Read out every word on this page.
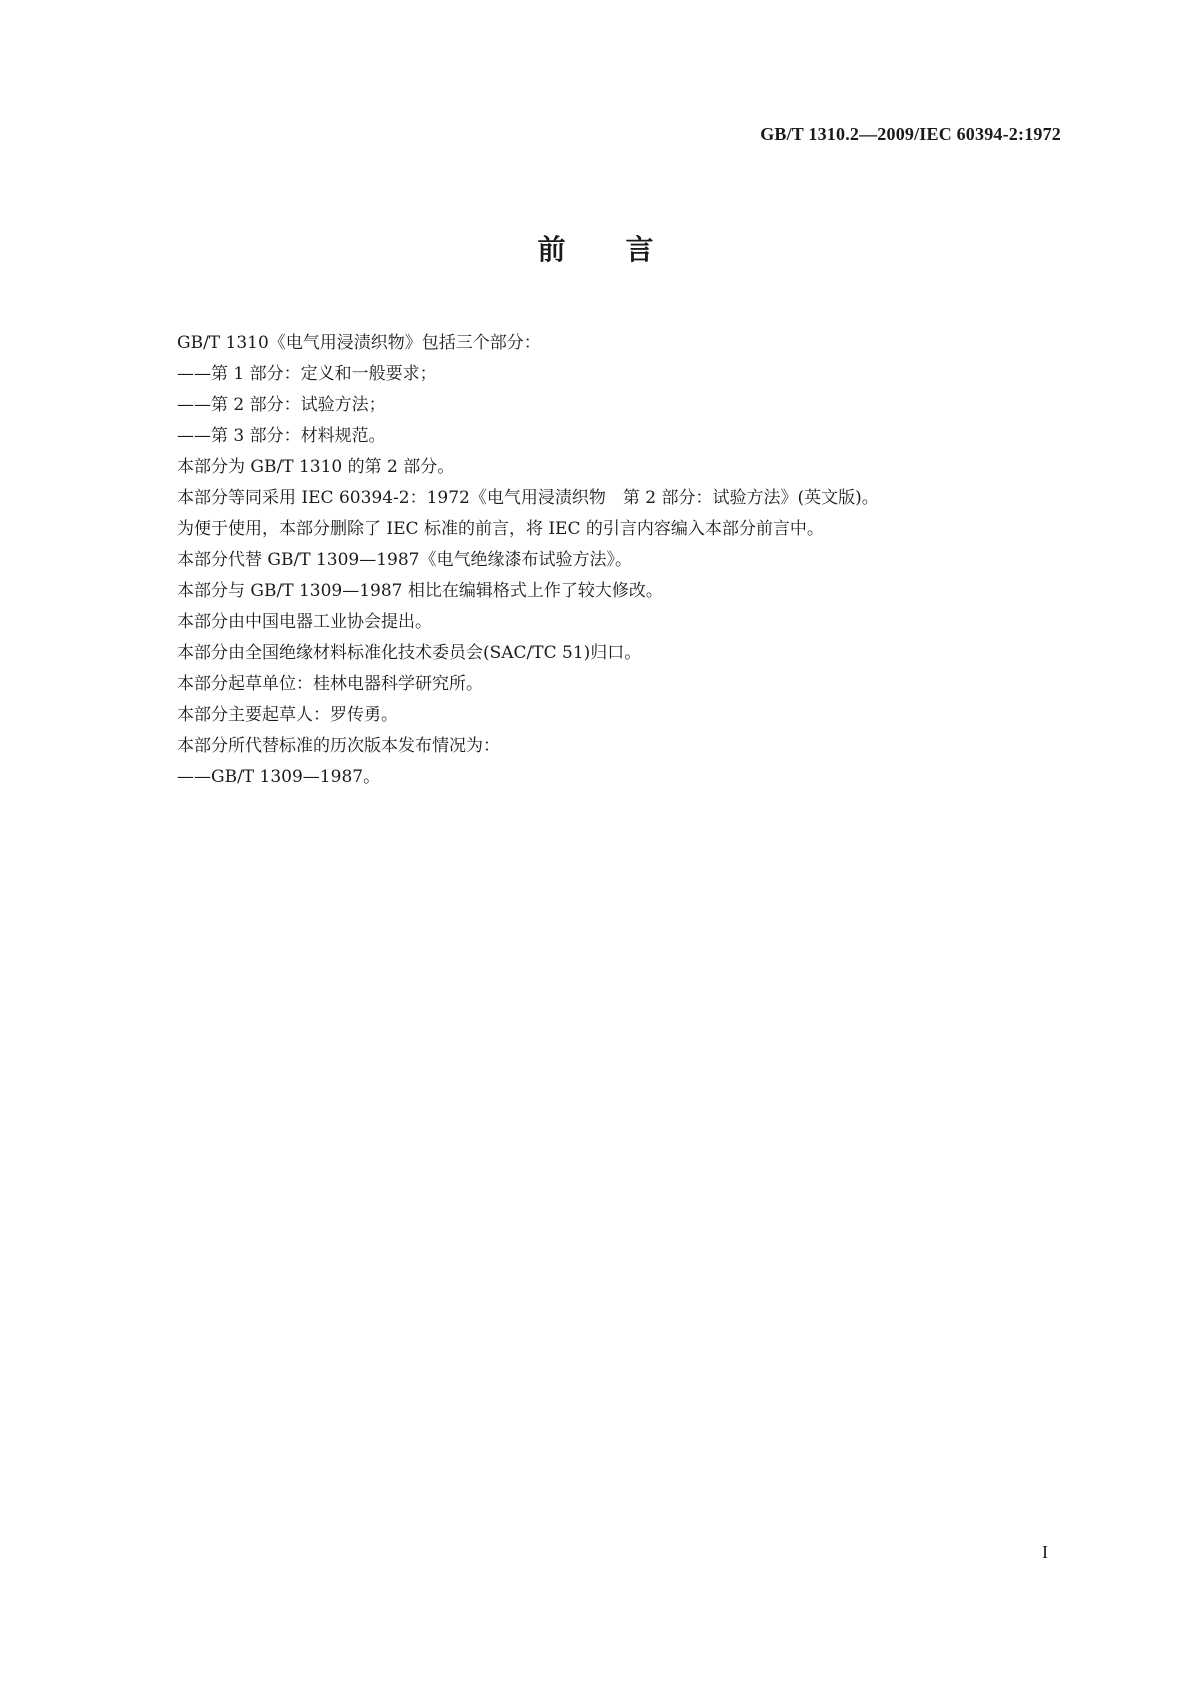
GB/T 1310.2—2009/IEC 60394-2:1972
前言

GB/T 1310《电气用浸渍织物》包括三个部分：

——第 1 部分：定义和一般要求；

——第 2 部分：试验方法；

——第 3 部分：材料规范。

本部分为 GB/T 1310 的第 2 部分。

本部分等同采用 IEC 60394-2：1972《电气用浸渍织物　第 2 部分：试验方法》(英文版)。

为便于使用，本部分删除了 IEC 标准的前言，将 IEC 的引言内容编入本部分前言中。

本部分代替 GB/T 1309—1987《电气绝缘漆布试验方法》。

本部分与 GB/T 1309—1987 相比在编辑格式上作了较大修改。

本部分由中国电器工业协会提出。

本部分由全国绝缘材料标准化技术委员会(SAC/TC 51)归口。

本部分起草单位：桂林电器科学研究所。

本部分主要起草人：罗传勇。

本部分所代替标准的历次版本发布情况为：

——GB/T 1309—1987。

I
